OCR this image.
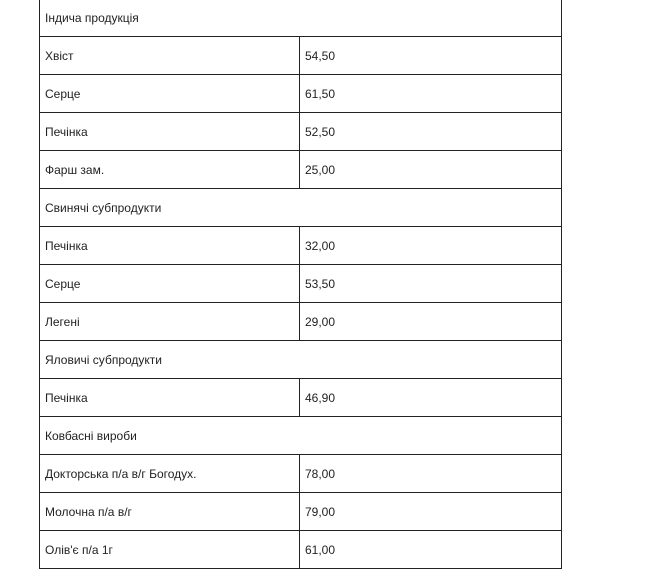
Індича продукція	
Хвіст	54,50
Серце	61,50
Печінка	52,50
Фарш зам.	25,00
Свинячі субпродукти	
Печінка	32,00
Серце	53,50
Легені	29,00
Яловичі субпродукти	
Печінка	46,90
Ковбасні вироби	
Докторська п/а в/г Богодух.	78,00
Молочна п/а в/г	79,00
Олів'є п/а 1г	61,00
